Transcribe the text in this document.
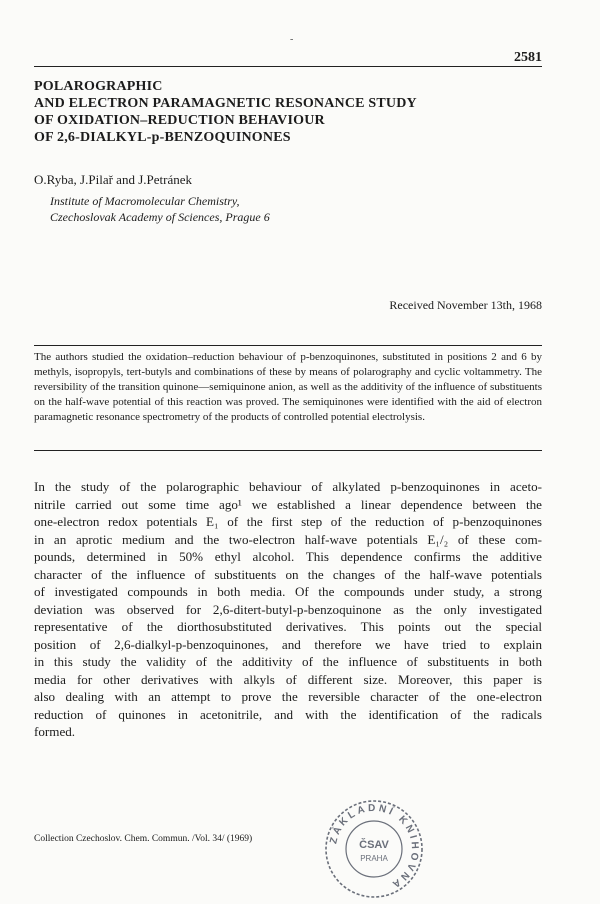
-
2581
POLAROGRAPHIC
AND ELECTRON PARAMAGNETIC RESONANCE STUDY
OF OXIDATION–REDUCTION BEHAVIOUR
OF 2,6-DIALKYL-p-BENZOQUINONES
O.Ryba, J.Pilař and J.Petránek
Institute of Macromolecular Chemistry,
Czechoslovak Academy of Sciences, Prague 6
Received November 13th, 1968
The authors studied the oxidation–reduction behaviour of p-benzoquinones, substituted in positions 2 and 6 by methyls, isopropyls, tert-butyls and combinations of these by means of polarography and cyclic voltammetry. The reversibility of the transition quinone—semiquinone anion, as well as the additivity of the influence of substituents on the half-wave potential of this reaction was proved. The semiquinones were identified with the aid of electron paramagnetic resonance spectrometry of the products of controlled potential electrolysis.
In the study of the polarographic behaviour of alkylated p-benzoquinones in aceto-
nitrile carried out some time ago¹ we established a linear dependence between the
one-electron redox potentials E₁ of the first step of the reduction of p-benzoquinones
in an aprotic medium and the two-electron half-wave potentials E₁/₂ of these com-
pounds, determined in 50% ethyl alcohol. This dependence confirms the additive
character of the influence of substituents on the changes of the half-wave potentials
of investigated compounds in both media. Of the compounds under study, a strong
deviation was observed for 2,6-ditert-butyl-p-benzoquinone as the only investigated
representative of the diorthosubstituted derivatives. This points out the special
position of 2,6-dialkyl-p-benzoquinones, and therefore we have tried to explain
in this study the validity of the additivity of the influence of substituents in both
media for other derivatives with alkyls of different size. Moreover, this paper is
also dealing with an attempt to prove the reversible character of the one-electron
reduction of quinones in acetonitrile, and with the identification of the radicals
formed.
Collection Czechoslov. Chem. Commun. /Vol. 34/ (1969)	ZÁKLADNÍ KNIHOVNA
ČSAV
PRAHA
